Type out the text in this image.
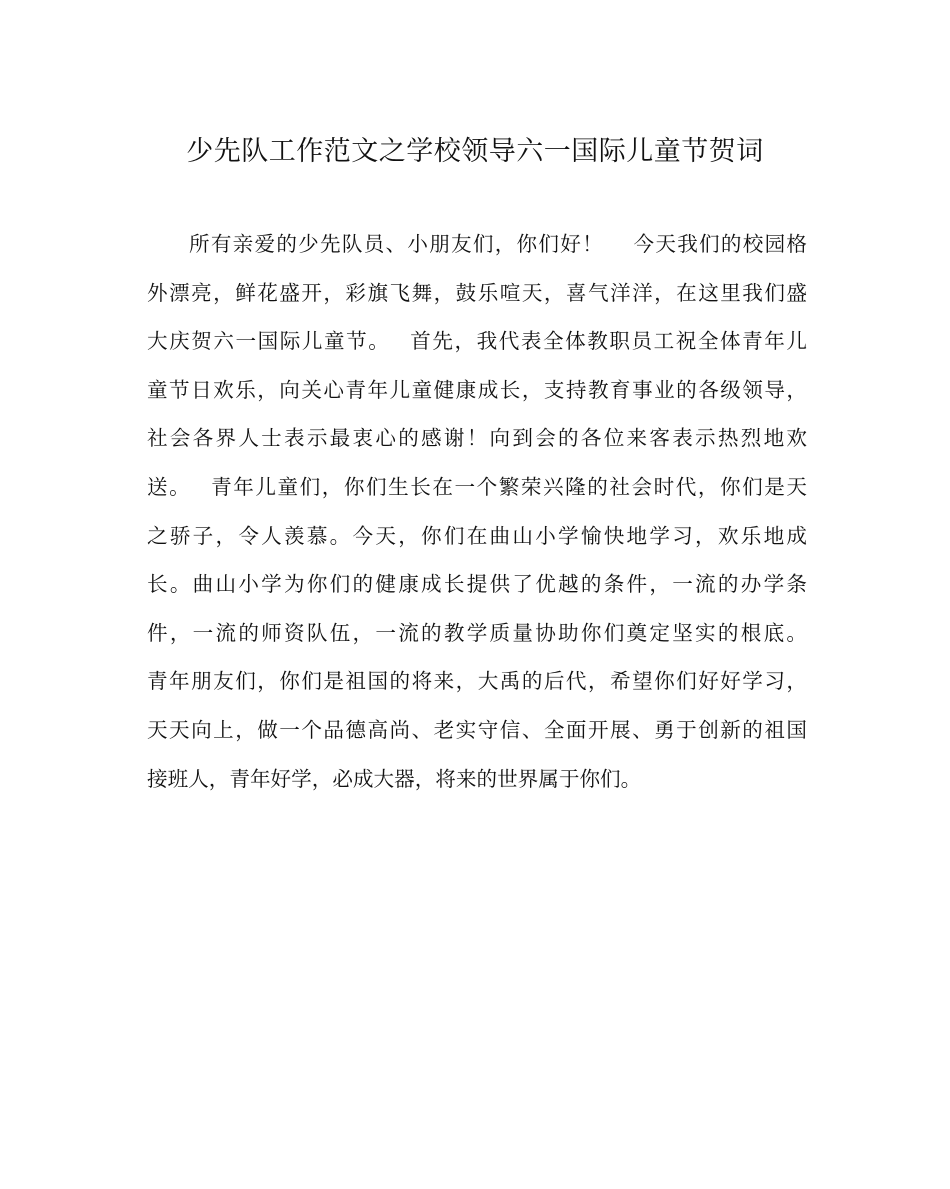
少先队工作范文之学校领导六一国际儿童节贺词
所有亲爱的少先队员、小朋友们，你们好！　 今天我们的校园格
外漂亮，鲜花盛开，彩旗飞舞，鼓乐喧天，喜气洋洋，在这里我们盛
大庆贺六一国际儿童节。　 首先，我代表全体教职员工祝全体青年儿
童节日欢乐，向关心青年儿童健康成长，支持教育事业的各级领导，
社会各界人士表示最衷心的感谢！向到会的各位来客表示热烈地欢
送。　 青年儿童们，你们生长在一个繁荣兴隆的社会时代，你们是天
之骄子，令人羡慕。今天，你们在曲山小学愉快地学习，欢乐地成
长。曲山小学为你们的健康成长提供了优越的条件，一流的办学条
件，一流的师资队伍，一流的教学质量协助你们奠定坚实的根底。
青年朋友们，你们是祖国的将来，大禹的后代，希望你们好好学习，
天天向上，做一个品德高尚、老实守信、全面开展、勇于创新的祖国
接班人，青年好学，必成大器，将来的世界属于你们。
